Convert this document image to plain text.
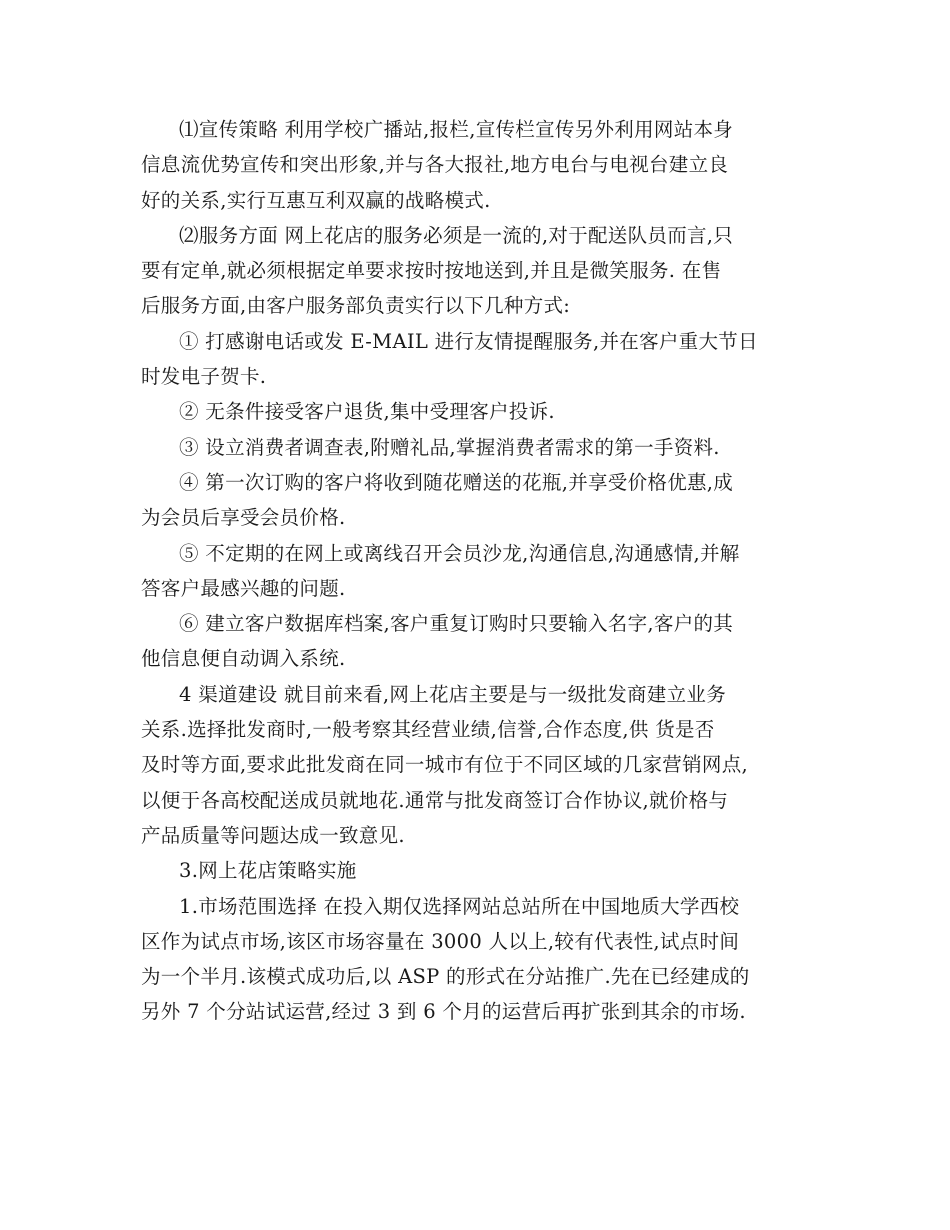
⑴宣传策略 利用学校广播站,报栏,宣传栏宣传另外利用网站本身
信息流优势宣传和突出形象,并与各大报社,地方电台与电视台建立良
好的关系,实行互惠互利双赢的战略模式.
⑵服务方面 网上花店的服务必须是一流的,对于配送队员而言,只
要有定单,就必须根据定单要求按时按地送到,并且是微笑服务. 在售
后服务方面,由客户服务部负责实行以下几种方式:
① 打感谢电话或发 E-MAIL 进行友情提醒服务,并在客户重大节日
时发电子贺卡.
② 无条件接受客户退货,集中受理客户投诉.
③ 设立消费者调查表,附赠礼品,掌握消费者需求的第一手资料.
④ 第一次订购的客户将收到随花赠送的花瓶,并享受价格优惠,成
为会员后享受会员价格.
⑤ 不定期的在网上或离线召开会员沙龙,沟通信息,沟通感情,并解
答客户最感兴趣的问题.
⑥ 建立客户数据库档案,客户重复订购时只要输入名字,客户的其
他信息便自动调入系统.
4 渠道建设 就目前来看,网上花店主要是与一级批发商建立业务
关系.选择批发商时,一般考察其经营业绩,信誉,合作态度,供 货是否
及时等方面,要求此批发商在同一城市有位于不同区域的几家营销网点,
以便于各高校配送成员就地花.通常与批发商签订合作协议,就价格与
产品质量等问题达成一致意见.
3.网上花店策略实施
1.市场范围选择 在投入期仅选择网站总站所在中国地质大学西校
区作为试点市场,该区市场容量在 3000 人以上,较有代表性,试点时间
为一个半月.该模式成功后,以 ASP 的形式在分站推广.先在已经建成的
另外 7 个分站试运营,经过 3 到 6 个月的运营后再扩张到其余的市场.
